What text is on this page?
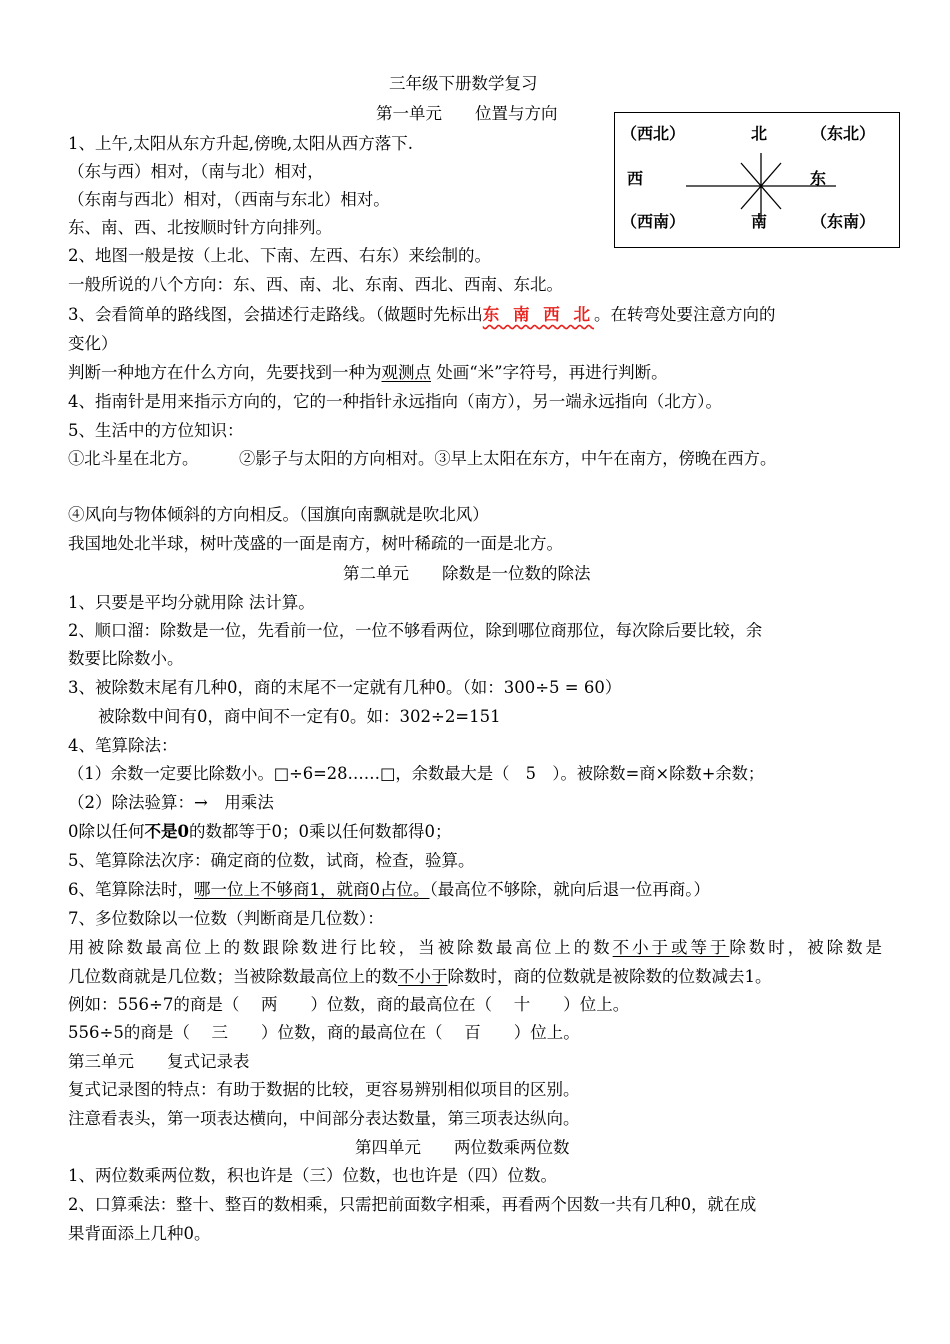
三年级下册数学复习
第一单元　　位置与方向
1、上午,太阳从东方升起,傍晚,太阳从西方落下.
（东与西）相对，（南与北）相对，
（东南与西北）相对，（西南与东北）相对。
东、南、西、北按顺时针方向排列。
2、地图一般是按（上北、下南、左西、右东）来绘制的。
一般所说的八个方向：东、西、南、北、东南、西北、西南、东北。
3、会看简单的路线图，会描述行走路线。（做题时先标出东 南 西 北。在转弯处要注意方向的
变化）
判断一种地方在什么方向，先要找到一种为观测点 处画“米”字符号，再进行判断。
4、指南针是用来指示方向的，它的一种指针永远指向（南方），另一端永远指向（北方）。
5、生活中的方位知识：
①北斗星在北方。　　　②影子与太阳的方向相对。③早上太阳在东方，中午在南方，傍晚在西方。
④风向与物体倾斜的方向相反。（国旗向南飘就是吹北风）
我国地处北半球，树叶茂盛的一面是南方，树叶稀疏的一面是北方。
（西北）	北	（东北）
西	东
（西南）	南	（东南）
第二单元　　除数是一位数的除法
1、只要是平均分就用除 法计算。
2、顺口溜：除数是一位，先看前一位，一位不够看两位，除到哪位商那位，每次除后要比较，余
数要比除数小。
3、被除数末尾有几种0，商的末尾不一定就有几种0。（如：300÷5 = 60）
被除数中间有0，商中间不一定有0。如：302÷2=151
4、笔算除法：
（1）余数一定要比除数小。□÷6=28……□，余数最大是（　5　）。被除数=商×除数+余数；
（2）除法验算：→　用乘法
0除以任何不是0的数都等于0；0乘以任何数都得0；
5、笔算除法次序：确定商的位数，试商，检查，验算。
6、笔算除法时，哪一位上不够商1，就商0占位。（最高位不够除，就向后退一位再商。）
7、多位数除以一位数（判断商是几位数）：
用被除数最高位上的数跟除数进行比较，当被除数最高位上的数不小于或等于除数时，被除数是
几位数商就是几位数；当被除数最高位上的数不小于除数时，商的位数就是被除数的位数减去1。
例如：556÷7的商是（　 两　　）位数，商的最高位在（　 十　　）位上。
556÷5的商是（　 三　　）位数，商的最高位在（　 百　　）位上。
第三单元　　复式记录表
复式记录图的特点：有助于数据的比较，更容易辨别相似项目的区别。
注意看表头，第一项表达横向，中间部分表达数量，第三项表达纵向。
第四单元　　两位数乘两位数
1、两位数乘两位数，积也许是（三）位数，也也许是（四）位数。
2、口算乘法：整十、整百的数相乘，只需把前面数字相乘，再看两个因数一共有几种0，就在成
果背面添上几种0。
